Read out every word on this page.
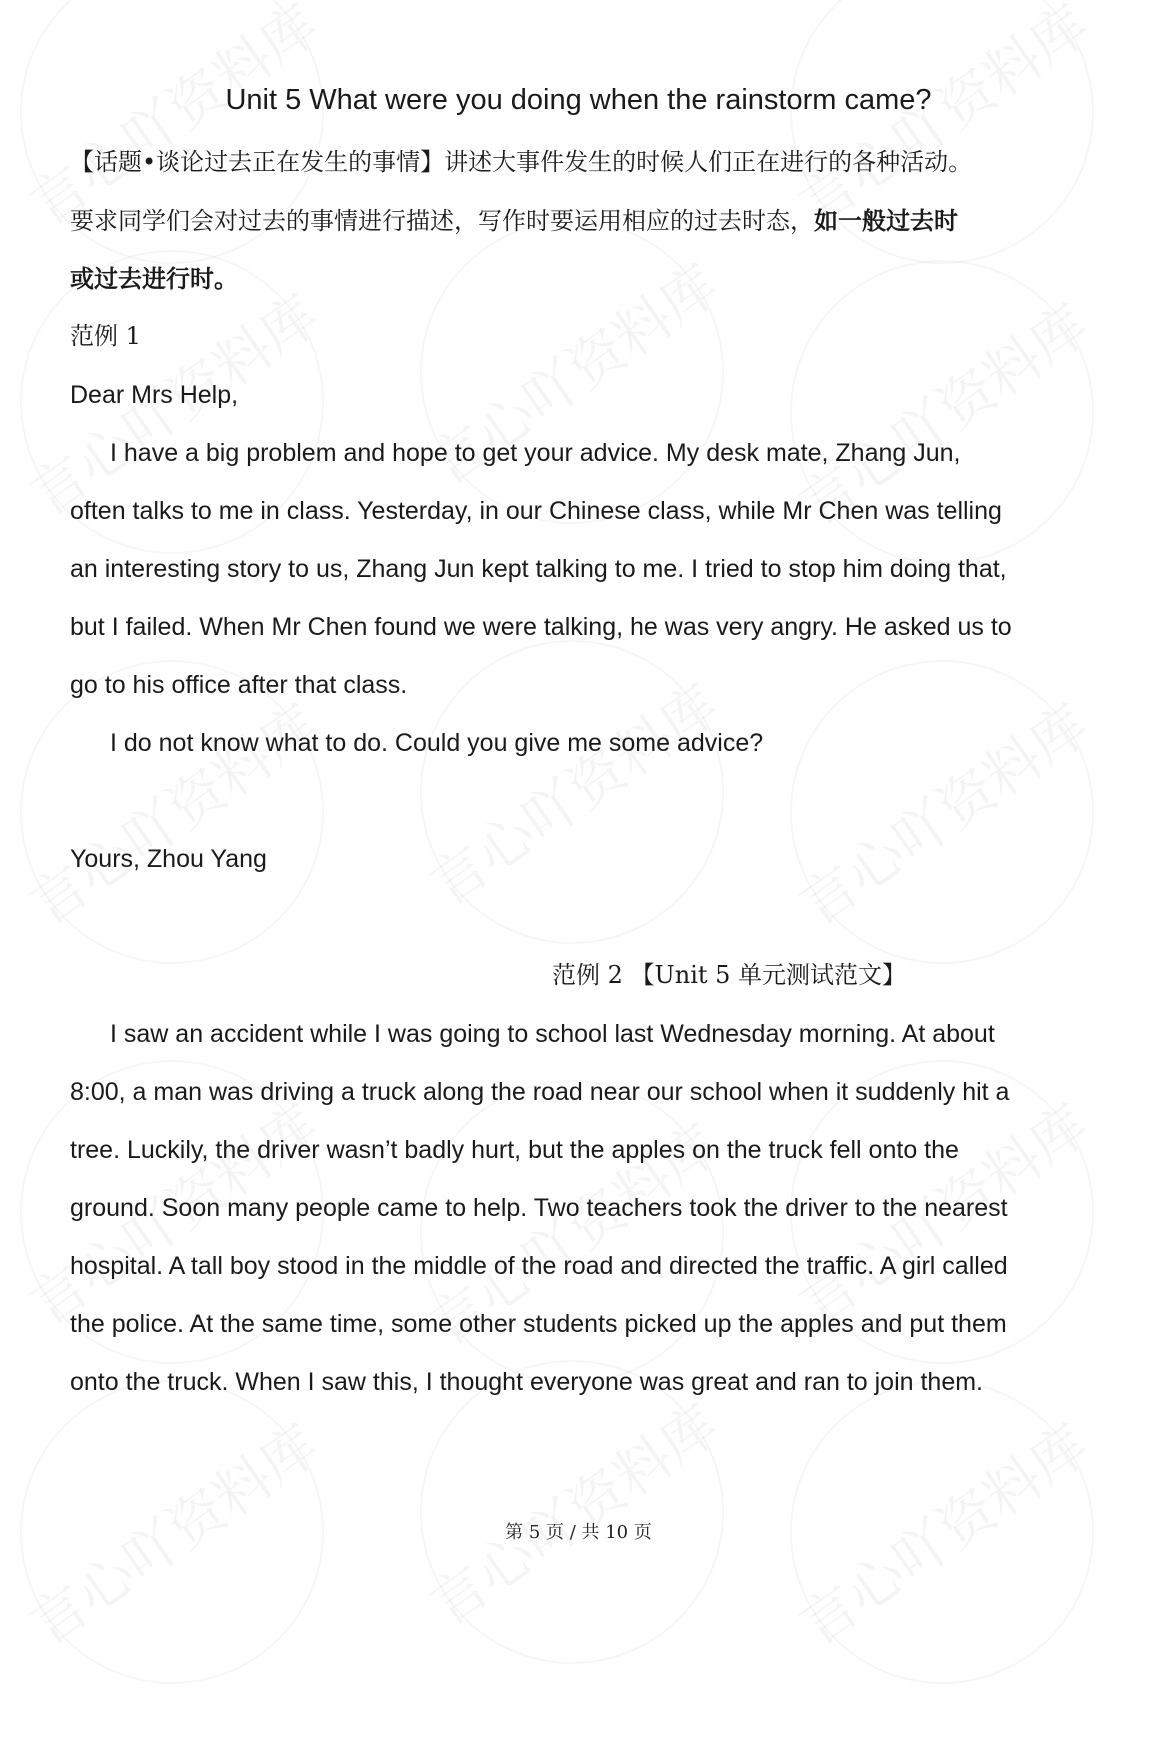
Unit 5 What were you doing when the rainstorm came?
【话题•谈论过去正在发生的事情】讲述大事件发生的时候人们正在进行的各种活动。
要求同学们会对过去的事情进行描述，写作时要运用相应的过去时态，如一般过去时
或过去进行时。
范例 1
Dear Mrs Help,
I have a big problem and hope to get your advice. My desk mate, Zhang Jun,
often talks to me in class. Yesterday, in our Chinese class, while Mr Chen was telling
an interesting story to us, Zhang Jun kept talking to me. I tried to stop him doing that,
but I failed. When Mr Chen found we were talking, he was very angry. He asked us to
go to his office after that class.
I do not know what to do. Could you give me some advice?
Yours, Zhou Yang
范例 2 【Unit 5 单元测试范文】
I saw an accident while I was going to school last Wednesday morning. At about
8:00, a man was driving a truck along the road near our school when it suddenly hit a
tree. Luckily, the driver wasn’t badly hurt, but the apples on the truck fell onto the
ground. Soon many people came to help. Two teachers took the driver to the nearest
hospital. A tall boy stood in the middle of the road and directed the traffic. A girl called
the police. At the same time, some other students picked up the apples and put them
onto the truck. When I saw this, I thought everyone was great and ran to join them.
第 5 页 / 共 10 页
